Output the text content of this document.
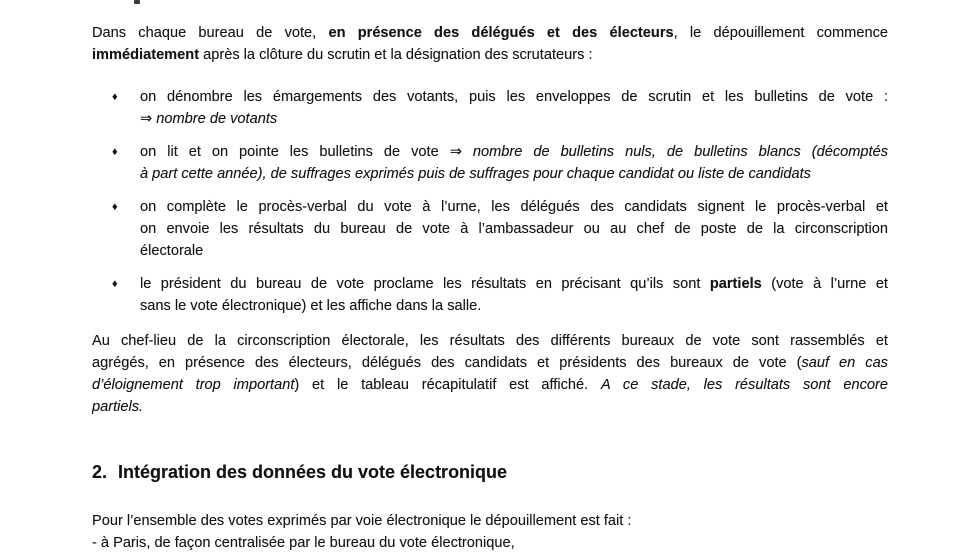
Dans chaque bureau de vote, en présence des délégués et des électeurs, le dépouillement commence
immédiatement après la clôture du scrutin et la désignation des scrutateurs :
♦	on dénombre les émargements des votants, puis les enveloppes de scrutin et les bulletins de vote :
⇒ nombre de votants
♦	on lit et on pointe les bulletins de vote ⇒ nombre de bulletins nuls, de bulletins blancs (décomptés
à part cette année), de suffrages exprimés puis de suffrages pour chaque candidat ou liste de candidats
♦	on complète le procès-verbal du vote à l’urne, les délégués des candidats signent le procès-verbal et
on envoie les résultats du bureau de vote à l’ambassadeur ou au chef de poste de la circonscription
électorale
♦	le président du bureau de vote proclame les résultats en précisant qu’ils sont partiels (vote à l’urne et
sans le vote électronique) et les affiche dans la salle.
Au chef-lieu de la circonscription électorale, les résultats des différents bureaux de vote sont rassemblés et
agrégés, en présence des électeurs, délégués des candidats et présidents des bureaux de vote (sauf en cas
d’éloignement trop important) et le tableau récapitulatif est affiché. A ce stade, les résultats sont encore
partiels.
2. Intégration des données du vote électronique
Pour l’ensemble des votes exprimés par voie électronique le dépouillement est fait :
- à Paris, de façon centralisée par le bureau du vote électronique,
